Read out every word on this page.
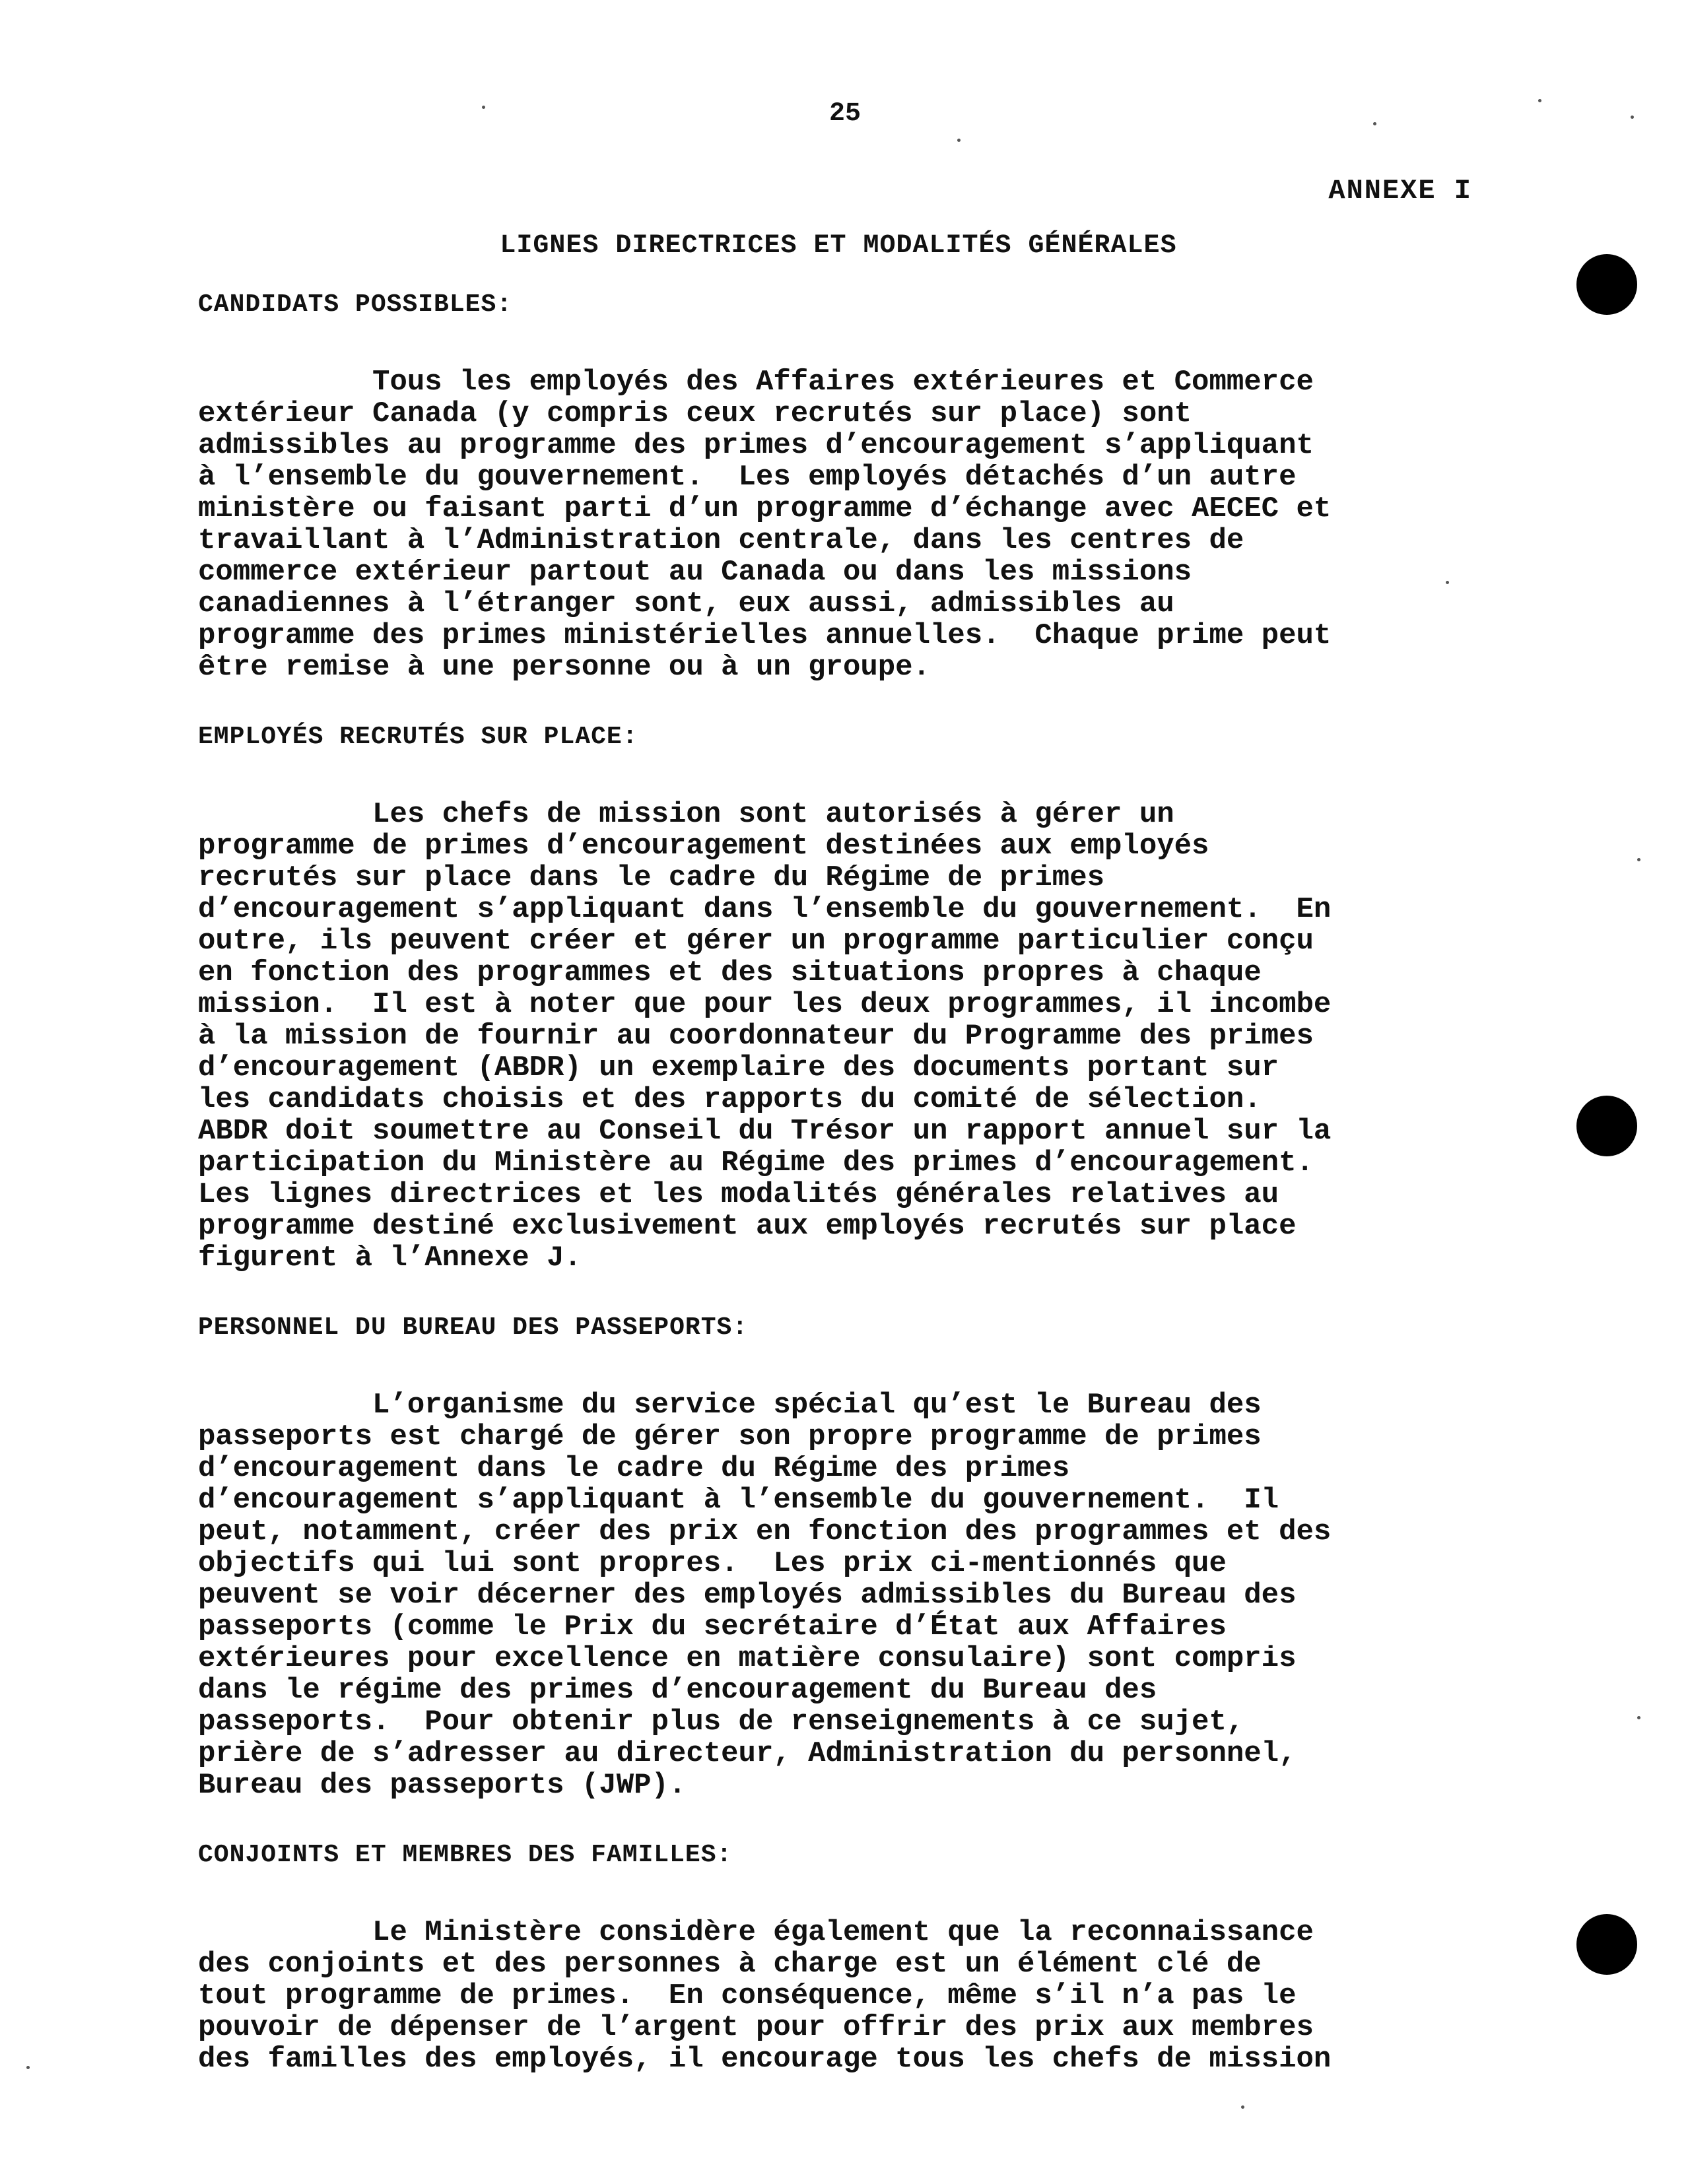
25
ANNEXE I
LIGNES DIRECTRICES ET MODALITÉS GÉNÉRALES
CANDIDATS POSSIBLES:
Tous les employés des Affaires extérieures et Commerce
extérieur Canada (y compris ceux recrutés sur place) sont
admissibles au programme des primes d’encouragement s’appliquant
à l’ensemble du gouvernement.  Les employés détachés d’un autre
ministère ou faisant parti d’un programme d’échange avec AECEC et
travaillant à l’Administration centrale, dans les centres de
commerce extérieur partout au Canada ou dans les missions
canadiennes à l’étranger sont, eux aussi, admissibles au
programme des primes ministérielles annuelles.  Chaque prime peut
être remise à une personne ou à un groupe.
EMPLOYÉS RECRUTÉS SUR PLACE:
Les chefs de mission sont autorisés à gérer un
programme de primes d’encouragement destinées aux employés
recrutés sur place dans le cadre du Régime de primes
d’encouragement s’appliquant dans l’ensemble du gouvernement.  En
outre, ils peuvent créer et gérer un programme particulier conçu
en fonction des programmes et des situations propres à chaque
mission.  Il est à noter que pour les deux programmes, il incombe
à la mission de fournir au coordonnateur du Programme des primes
d’encouragement (ABDR) un exemplaire des documents portant sur
les candidats choisis et des rapports du comité de sélection.
ABDR doit soumettre au Conseil du Trésor un rapport annuel sur la
participation du Ministère au Régime des primes d’encouragement.
Les lignes directrices et les modalités générales relatives au
programme destiné exclusivement aux employés recrutés sur place
figurent à l’Annexe J.
PERSONNEL DU BUREAU DES PASSEPORTS:
L’organisme du service spécial qu’est le Bureau des
passeports est chargé de gérer son propre programme de primes
d’encouragement dans le cadre du Régime des primes
d’encouragement s’appliquant à l’ensemble du gouvernement.  Il
peut, notamment, créer des prix en fonction des programmes et des
objectifs qui lui sont propres.  Les prix ci-mentionnés que
peuvent se voir décerner des employés admissibles du Bureau des
passeports (comme le Prix du secrétaire d’État aux Affaires
extérieures pour excellence en matière consulaire) sont compris
dans le régime des primes d’encouragement du Bureau des
passeports.  Pour obtenir plus de renseignements à ce sujet,
prière de s’adresser au directeur, Administration du personnel,
Bureau des passeports (JWP).
CONJOINTS ET MEMBRES DES FAMILLES:
Le Ministère considère également que la reconnaissance
des conjoints et des personnes à charge est un élément clé de
tout programme de primes.  En conséquence, même s’il n’a pas le
pouvoir de dépenser de l’argent pour offrir des prix aux membres
des familles des employés, il encourage tous les chefs de mission
